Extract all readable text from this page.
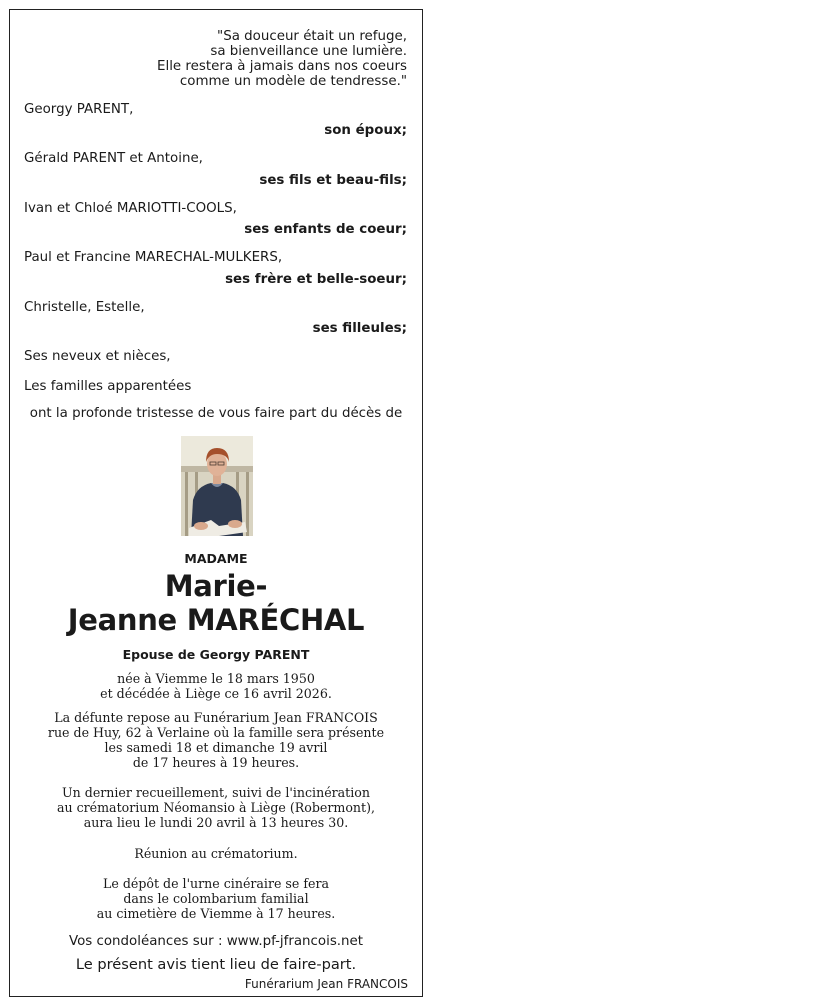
"Sa douceur était un refuge,
sa bienveillance une lumière.
Elle restera à jamais dans nos coeurs
comme un modèle de tendresse."
Georgy PARENT,
son époux;
Gérald PARENT et Antoine,
ses fils et beau-fils;
Ivan et Chloé MARIOTTI-COOLS,
ses enfants de coeur;
Paul et Francine MARECHAL-MULKERS,
ses frère et belle-soeur;
Christelle, Estelle,
ses filleules;
Ses neveux et nièces,
Les familles apparentées
ont la profonde tristesse de vous faire part du décès de
MADAME
Marie-
Jeanne MARÉCHAL
Epouse de Georgy PARENT
née à Viemme le 18 mars 1950
et décédée à Liège ce 16 avril 2026.
La défunte repose au Funérarium Jean FRANCOIS
rue de Huy, 62 à Verlaine où la famille sera présente
les samedi 18 et dimanche 19 avril
de 17 heures à 19 heures.
Un dernier recueillement, suivi de l'incinération
au crématorium Néomansio à Liège (Robermont),
aura lieu le lundi 20 avril à 13 heures 30.
Réunion au crématorium.
Le dépôt de l'urne cinéraire se fera
dans le colombarium familial
au cimetière de Viemme à 17 heures.
Vos condoléances sur : www.pf-jfrancois.net
Le présent avis tient lieu de faire-part.
Funérarium Jean FRANCOIS
